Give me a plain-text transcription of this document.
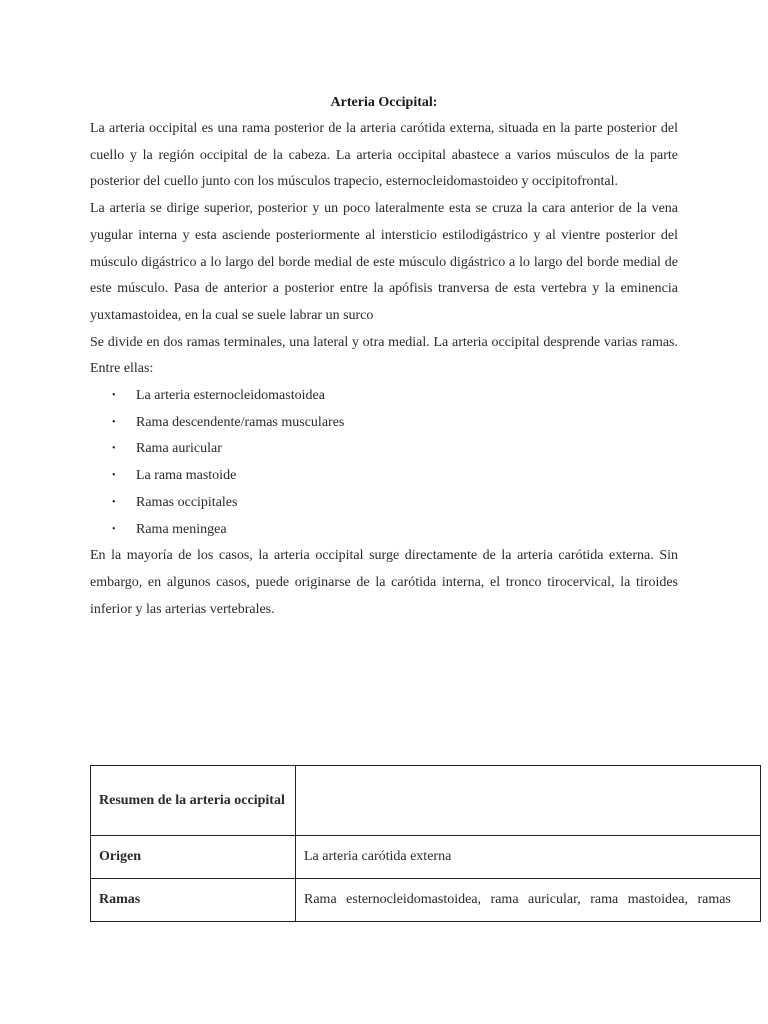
Arteria Occipital:

La arteria occipital es una rama posterior de la arteria carótida externa, situada en la parte posterior del cuello y la región occipital de la cabeza. La arteria occipital abastece a varios músculos de la parte posterior del cuello junto con los músculos trapecio, esternocleidomastoideo y occipitofrontal.

La arteria se dirige superior, posterior y un poco lateralmente esta se cruza la cara anterior de la vena yugular interna y esta asciende posteriormente al intersticio estilodigástrico y al vientre posterior del músculo digástrico a lo largo del borde medial de este músculo digástrico a lo largo del borde medial de este músculo. Pasa de anterior a posterior entre la apófisis tranversa de esta vertebra y la eminencia yuxtamastoidea, en la cual se suele labrar un surco

Se divide en dos ramas terminales, una lateral y otra medial. La arteria occipital desprende varias ramas. Entre ellas:

• La arteria esternocleidomastoidea
• Rama descendente/ramas musculares
• Rama auricular
• La rama mastoide
• Ramas occipitales
• Rama meningea

En la mayoría de los casos, la arteria occipital surge directamente de la arteria carótida externa. Sin embargo, en algunos casos, puede originarse de la carótida interna, el tronco tirocervical, la tiroides inferior y las arterias vertebrales.

Resumen de la arteria occipital	
Origen	La arteria carótida externa
Ramas	Rama esternocleidomastoidea, rama auricular, rama mastoidea, ramas
